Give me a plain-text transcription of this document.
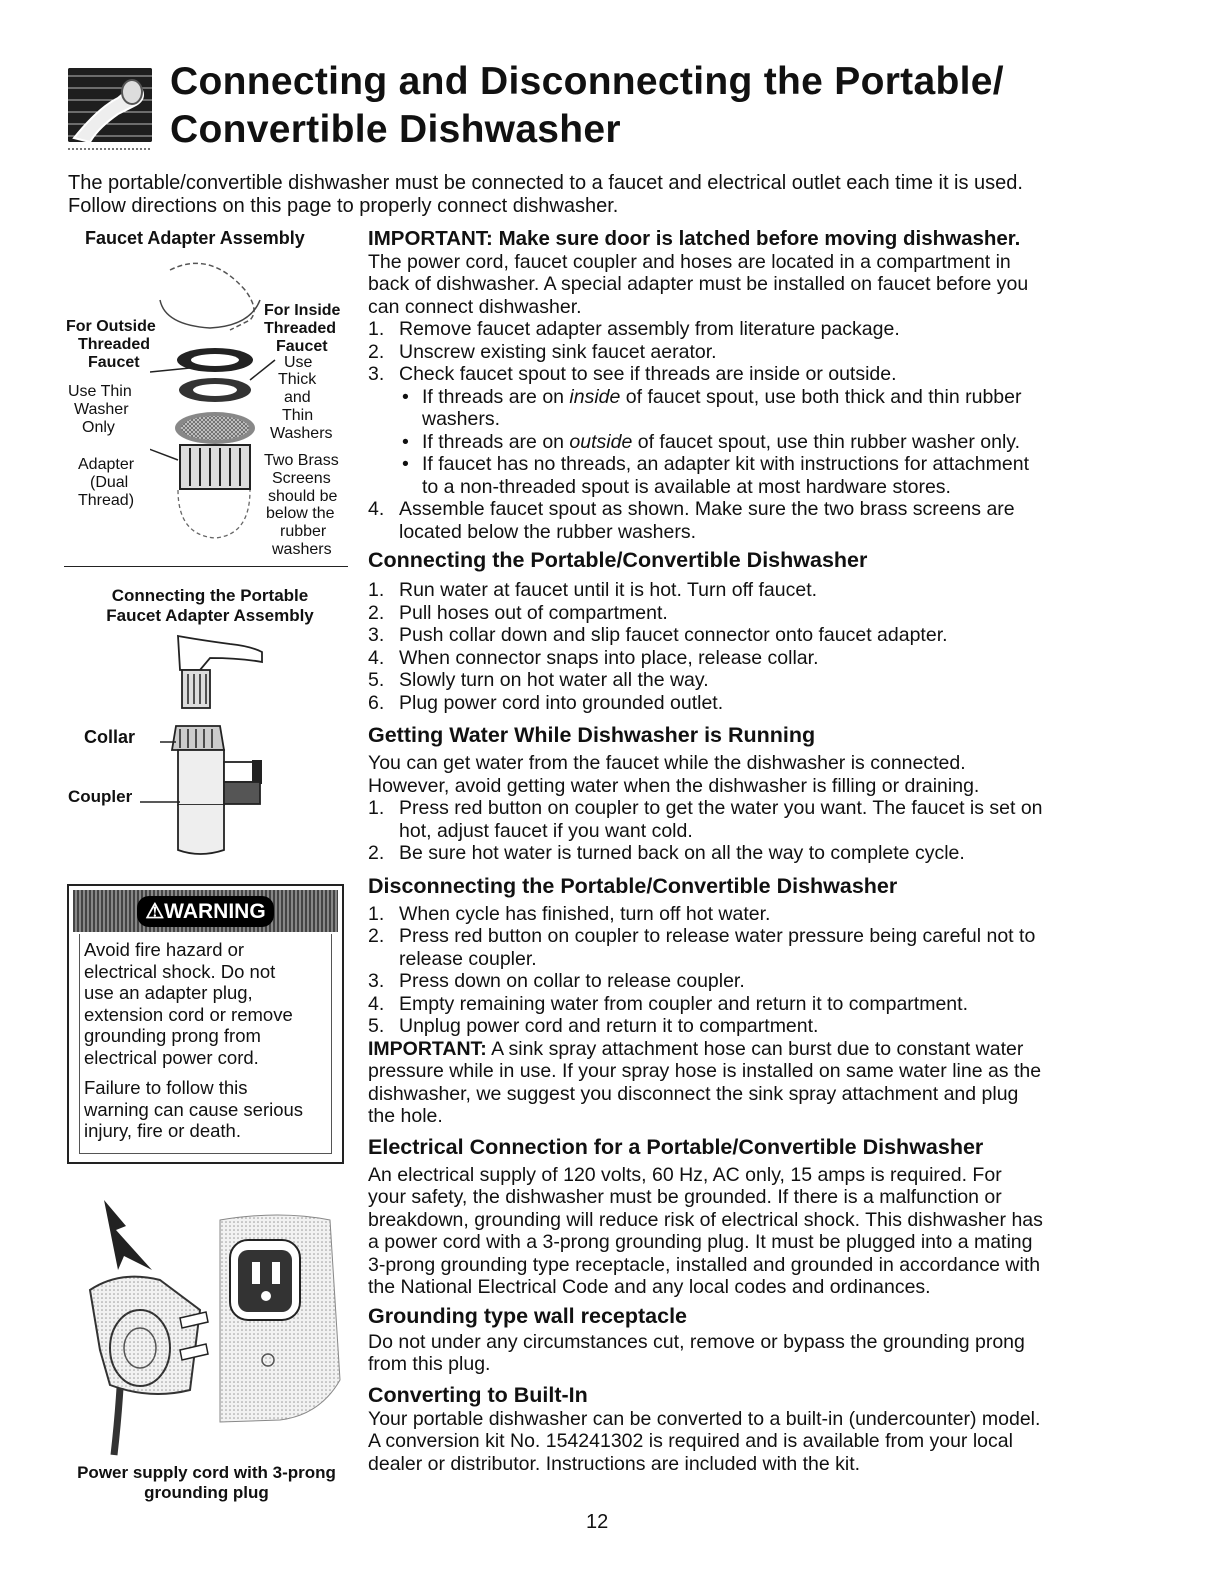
Connecting and Disconnecting the Portable/
Convertible Dishwasher
The portable/convertible dishwasher must be connected to a faucet and electrical outlet each time it is used.
Follow directions on this page to properly connect dishwasher.
Faucet Adapter Assembly
For Outside
Threaded
Faucet
Use Thin
Washer
Only
Adapter
(Dual
Thread)
For Inside
Threaded
Faucet
Use
Thick
and
Thin
Washers
Two Brass
Screens
should be
below the
rubber
washers
Connecting the Portable
Faucet Adapter Assembly
Collar
Coupler
⚠WARNING
Avoid fire hazard or
electrical shock. Do not
use an adapter plug,
extension cord or remove
grounding prong from
electrical power cord.
Failure to follow this
warning can cause serious
injury, fire or death.
Power supply cord with 3-prong
grounding plug
IMPORTANT: Make sure door is latched before moving dishwasher.
The power cord, faucet coupler and hoses are located in a compartment in
back of dishwasher. A special adapter must be installed on faucet before you
can connect dishwasher.
1. Remove faucet adapter assembly from literature package.
2. Unscrew existing sink faucet aerator.
3. Check faucet spout to see if threads are inside or outside.
• If threads are on inside of faucet spout, use both thick and thin rubber
washers.
• If threads are on outside of faucet spout, use thin rubber washer only.
• If faucet has no threads, an adapter kit with instructions for attachment
to a non-threaded spout is available at most hardware stores.
4. Assemble faucet spout as shown. Make sure the two brass screens are
located below the rubber washers.
Connecting the Portable/Convertible Dishwasher
1. Run water at faucet until it is hot. Turn off faucet.
2. Pull hoses out of compartment.
3. Push collar down and slip faucet connector onto faucet adapter.
4. When connector snaps into place, release collar.
5. Slowly turn on hot water all the way.
6. Plug power cord into grounded outlet.
Getting Water While Dishwasher is Running
You can get water from the faucet while the dishwasher is connected.
However, avoid getting water when the dishwasher is filling or draining.
1. Press red button on coupler to get the water you want. The faucet is set on
hot, adjust faucet if you want cold.
2. Be sure hot water is turned back on all the way to complete cycle.
Disconnecting the Portable/Convertible Dishwasher
1. When cycle has finished, turn off hot water.
2. Press red button on coupler to release water pressure being careful not to
release coupler.
3. Press down on collar to release coupler.
4. Empty remaining water from coupler and return it to compartment.
5. Unplug power cord and return it to compartment.
IMPORTANT: A sink spray attachment hose can burst due to constant water
pressure while in use. If your spray hose is installed on same water line as the
dishwasher, we suggest you disconnect the sink spray attachment and plug
the hole.
Electrical Connection for a Portable/Convertible Dishwasher
An electrical supply of 120 volts, 60 Hz, AC only, 15 amps is required. For
your safety, the dishwasher must be grounded. If there is a malfunction or
breakdown, grounding will reduce risk of electrical shock. This dishwasher has
a power cord with a 3-prong grounding plug. It must be plugged into a mating
3-prong grounding type receptacle, installed and grounded in accordance with
the National Electrical Code and any local codes and ordinances.
Grounding type wall receptacle
Do not under any circumstances cut, remove or bypass the grounding prong
from this plug.
Converting to Built-In
Your portable dishwasher can be converted to a built-in (undercounter) model.
A conversion kit No. 154241302 is required and is available from your local
dealer or distributor. Instructions are included with the kit.
12
